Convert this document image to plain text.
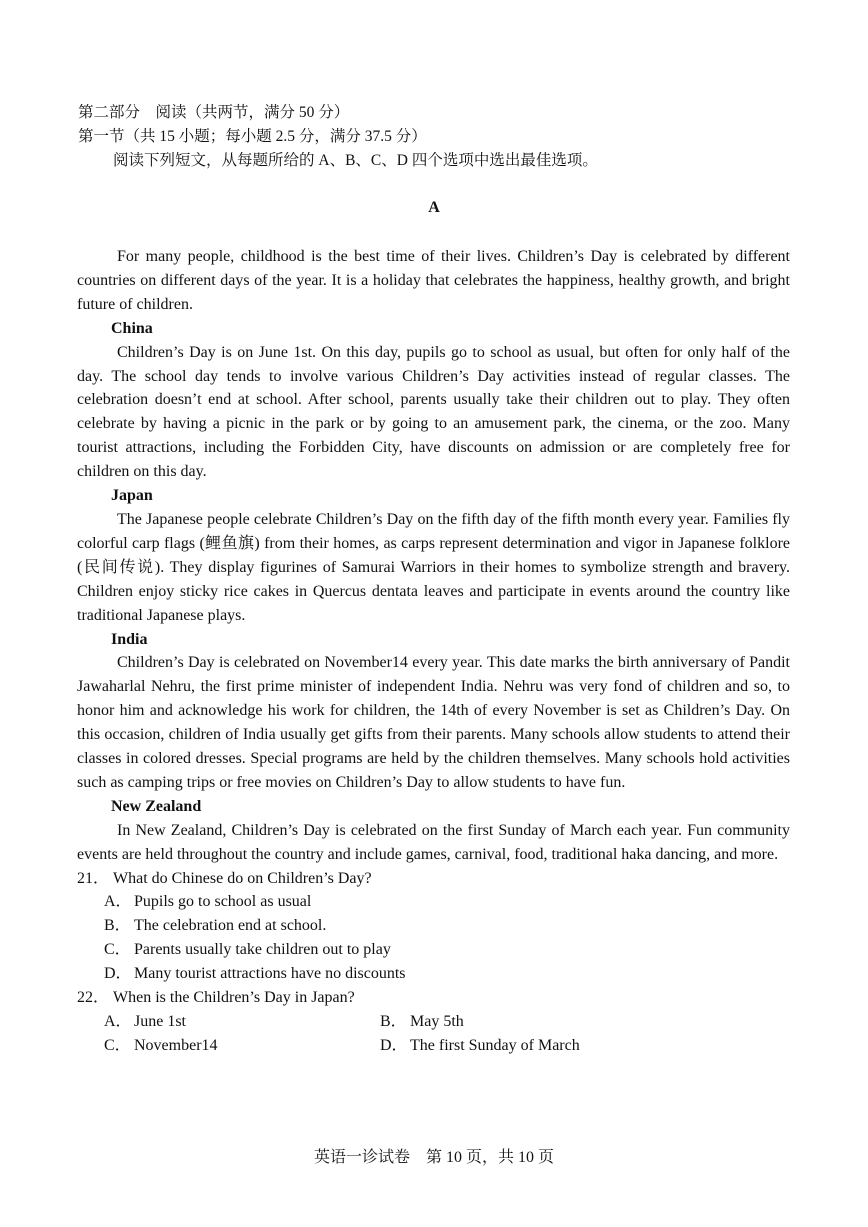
第二部分　阅读（共两节，满分 50 分）
第一节（共 15 小题；每小题 2.5 分，满分 37.5 分）
阅读下列短文，从每题所给的 A、B、C、D 四个选项中选出最佳选项。
A

For many people, childhood is the best time of their lives. Children’s Day is celebrated by different countries on different days of the year. It is a holiday that celebrates the happiness, healthy growth, and bright future of children.

China

Children’s Day is on June 1st. On this day, pupils go to school as usual, but often for only half of the day. The school day tends to involve various Children’s Day activities instead of regular classes. The celebration doesn’t end at school. After school, parents usually take their children out to play. They often celebrate by having a picnic in the park or by going to an amusement park, the cinema, or the zoo. Many tourist attractions, including the Forbidden City, have discounts on admission or are completely free for children on this day.

Japan

The Japanese people celebrate Children’s Day on the fifth day of the fifth month every year. Families fly colorful carp flags (鲤鱼旗) from their homes, as carps represent determination and vigor in Japanese folklore (民间传说). They display figurines of Samurai Warriors in their homes to symbolize strength and bravery. Children enjoy sticky rice cakes in Quercus dentata leaves and participate in events around the country like traditional Japanese plays.

India

Children’s Day is celebrated on November14 every year. This date marks the birth anniversary of Pandit Jawaharlal Nehru, the first prime minister of independent India. Nehru was very fond of children and so, to honor him and acknowledge his work for children, the 14th of every November is set as Children’s Day. On this occasion, children of India usually get gifts from their parents. Many schools allow students to attend their classes in colored dresses. Special programs are held by the children themselves. Many schools hold activities such as camping trips or free movies on Children’s Day to allow students to have fun.

New Zealand

In New Zealand, Children’s Day is celebrated on the first Sunday of March each year. Fun community events are held throughout the country and include games, carnival, food, traditional haka dancing, and more.

21． What do Chinese do on Children’s Day?
A． Pupils go to school as usual
B． The celebration end at school.
C． Parents usually take children out to play
D． Many tourist attractions have no discounts
22． When is the Children’s Day in Japan?
A． June 1st	B． May 5th
C． November14	D． The first Sunday of March
英语一诊试卷　第 10 页，共 10 页
